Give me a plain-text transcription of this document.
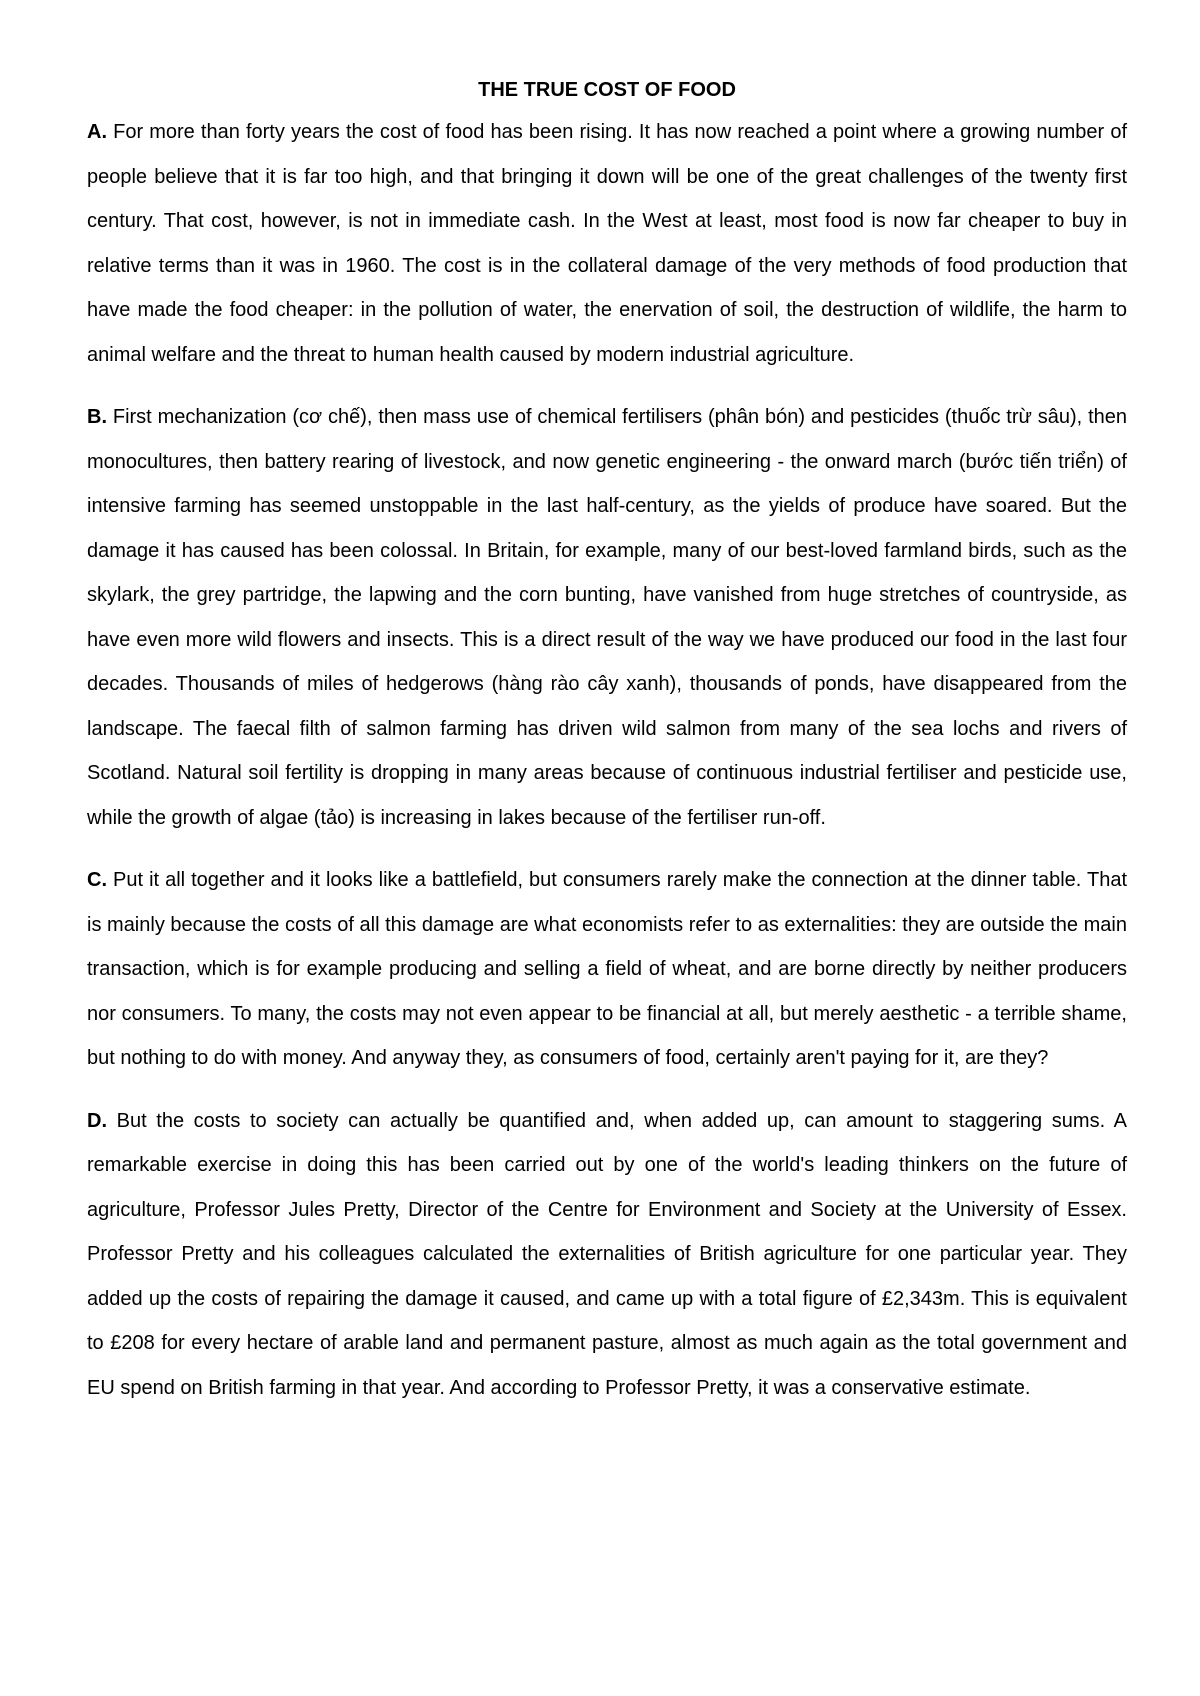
THE TRUE COST OF FOOD

A. For more than forty years the cost of food has been rising. It has now reached a point where a growing number of people believe that it is far too high, and that bringing it down will be one of the great challenges of the twenty first century. That cost, however, is not in immediate cash. In the West at least, most food is now far cheaper to buy in relative terms than it was in 1960. The cost is in the collateral damage of the very methods of food production that have made the food cheaper: in the pollution of water, the enervation of soil, the destruction of wildlife, the harm to animal welfare and the threat to human health caused by modern industrial agriculture.

B. First mechanization (cơ chế), then mass use of chemical fertilisers (phân bón) and pesticides (thuốc trừ sâu), then monocultures, then battery rearing of livestock, and now genetic engineering - the onward march (bước tiến triển) of intensive farming has seemed unstoppable in the last half-century, as the yields of produce have soared. But the damage it has caused has been colossal. In Britain, for example, many of our best-loved farmland birds, such as the skylark, the grey partridge, the lapwing and the corn bunting, have vanished from huge stretches of countryside, as have even more wild flowers and insects. This is a direct result of the way we have produced our food in the last four decades. Thousands of miles of hedgerows (hàng rào cây xanh), thousands of ponds, have disappeared from the landscape. The faecal filth of salmon farming has driven wild salmon from many of the sea lochs and rivers of Scotland. Natural soil fertility is dropping in many areas because of continuous industrial fertiliser and pesticide use, while the growth of algae (tảo) is increasing in lakes because of the fertiliser run-off.

C. Put it all together and it looks like a battlefield, but consumers rarely make the connection at the dinner table. That is mainly because the costs of all this damage are what economists refer to as externalities: they are outside the main transaction, which is for example producing and selling a field of wheat, and are borne directly by neither producers nor consumers. To many, the costs may not even appear to be financial at all, but merely aesthetic - a terrible shame, but nothing to do with money. And anyway they, as consumers of food, certainly aren't paying for it, are they?

D. But the costs to society can actually be quantified and, when added up, can amount to staggering sums. A remarkable exercise in doing this has been carried out by one of the world's leading thinkers on the future of agriculture, Professor Jules Pretty, Director of the Centre for Environment and Society at the University of Essex. Professor Pretty and his colleagues calculated the externalities of British agriculture for one particular year. They added up the costs of repairing the damage it caused, and came up with a total figure of £2,343m. This is equivalent to £208 for every hectare of arable land and permanent pasture, almost as much again as the total government and EU spend on British farming in that year. And according to Professor Pretty, it was a conservative estimate.
